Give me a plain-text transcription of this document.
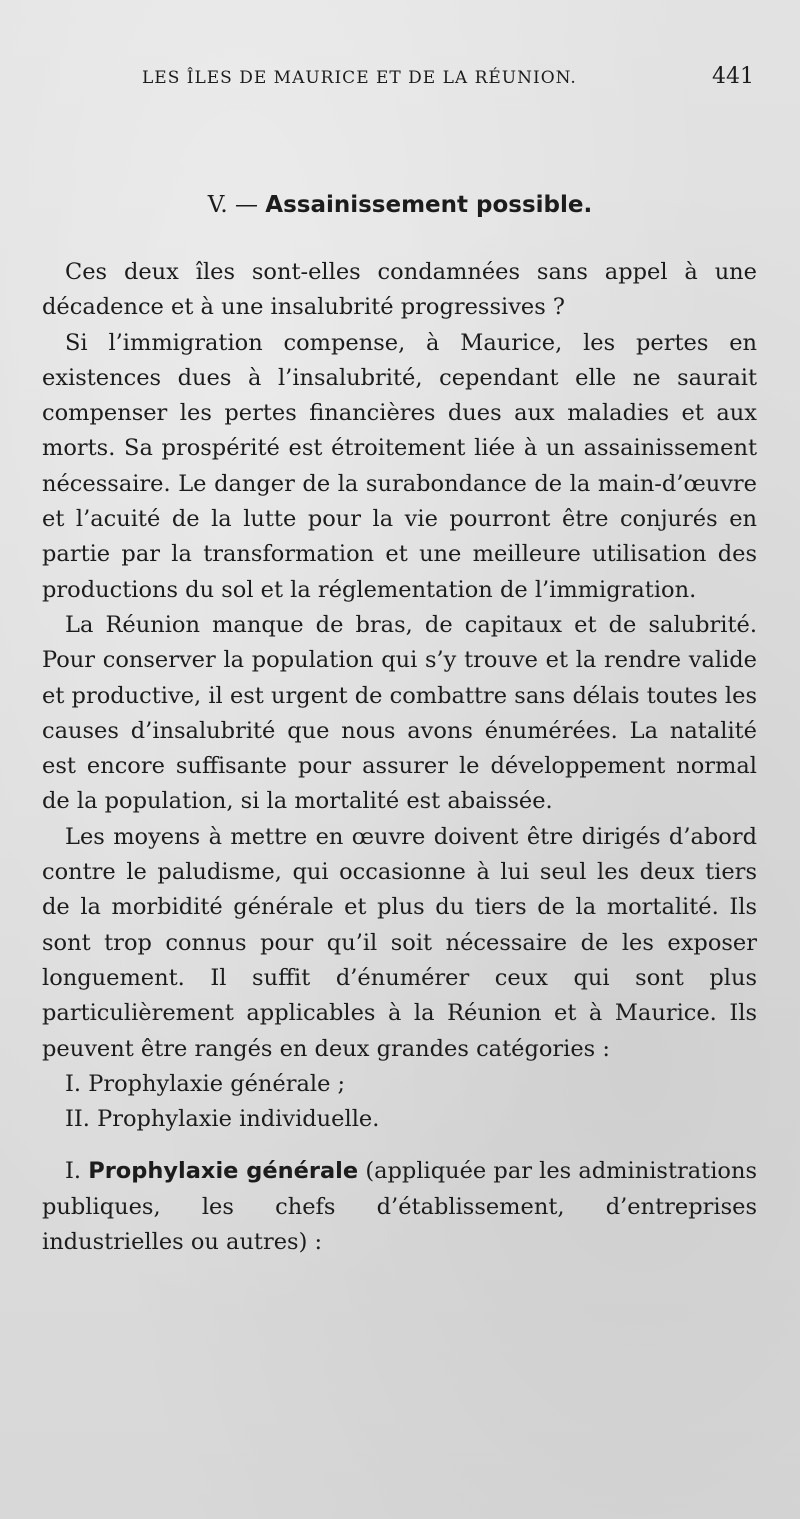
LES ÎLES DE MAURICE ET DE LA RÉUNION.	441
V. — Assainissement possible.

Ces deux îles sont-elles condamnées sans appel à une décadence et à une insalubrité progressives ?

Si l’immigration compense, à Maurice, les pertes en existences dues à l’insalubrité, cependant elle ne saurait compenser les pertes financières dues aux maladies et aux morts. Sa prospérité est étroitement liée à un assainissement nécessaire. Le danger de la surabondance de la main-d’œuvre et l’acuité de la lutte pour la vie pourront être conjurés en partie par la transformation et une meilleure utilisation des productions du sol et la réglementation de l’immigration.

La Réunion manque de bras, de capitaux et de salubrité. Pour conserver la population qui s’y trouve et la rendre valide et productive, il est urgent de combattre sans délais toutes les causes d’insalubrité que nous avons énumérées. La natalité est encore suffisante pour assurer le développement normal de la population, si la mortalité est abaissée.

Les moyens à mettre en œuvre doivent être dirigés d’abord contre le paludisme, qui occasionne à lui seul les deux tiers de la morbidité générale et plus du tiers de la mortalité. Ils sont trop connus pour qu’il soit nécessaire de les exposer longuement. Il suffit d’énumérer ceux qui sont plus particulièrement applicables à la Réunion et à Maurice. Ils peuvent être rangés en deux grandes catégories :

I. Prophylaxie générale ;

II. Prophylaxie individuelle.

I. Prophylaxie générale (appliquée par les administrations publiques, les chefs d’établissement, d’entreprises industrielles ou autres) :
